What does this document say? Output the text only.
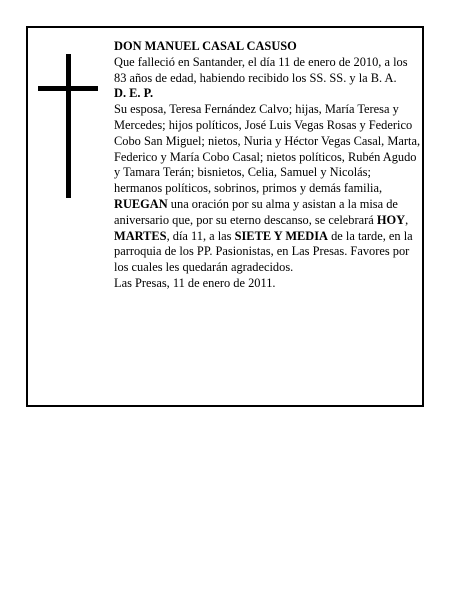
DON MANUEL CASAL CASUSO

Que falleció en Santander, el día 11 de enero de 2010, a los 83 años de edad, habiendo recibido los SS. SS. y la B. A.

D. E. P.

Su esposa, Teresa Fernández Calvo; hijas, María Teresa y Mercedes; hijos políticos, José Luis Vegas Rosas y Federico Cobo San Miguel; nietos, Nuria y Héctor Vegas Casal, Marta, Federico y María Cobo Casal; nietos políticos, Rubén Agudo y Tamara Terán; bisnietos, Celia, Samuel y Nicolás; hermanos políticos, sobrinos, primos y demás familia,

RUEGAN una oración por su alma y asistan a la misa de aniversario que, por su eterno descanso, se celebrará HOY, MARTES, día 11, a las SIETE Y MEDIA de la tarde, en la parroquia de los PP. Pasionistas, en Las Presas. Favores por los cuales les quedarán agradecidos.

Las Presas, 11 de enero de 2011.
